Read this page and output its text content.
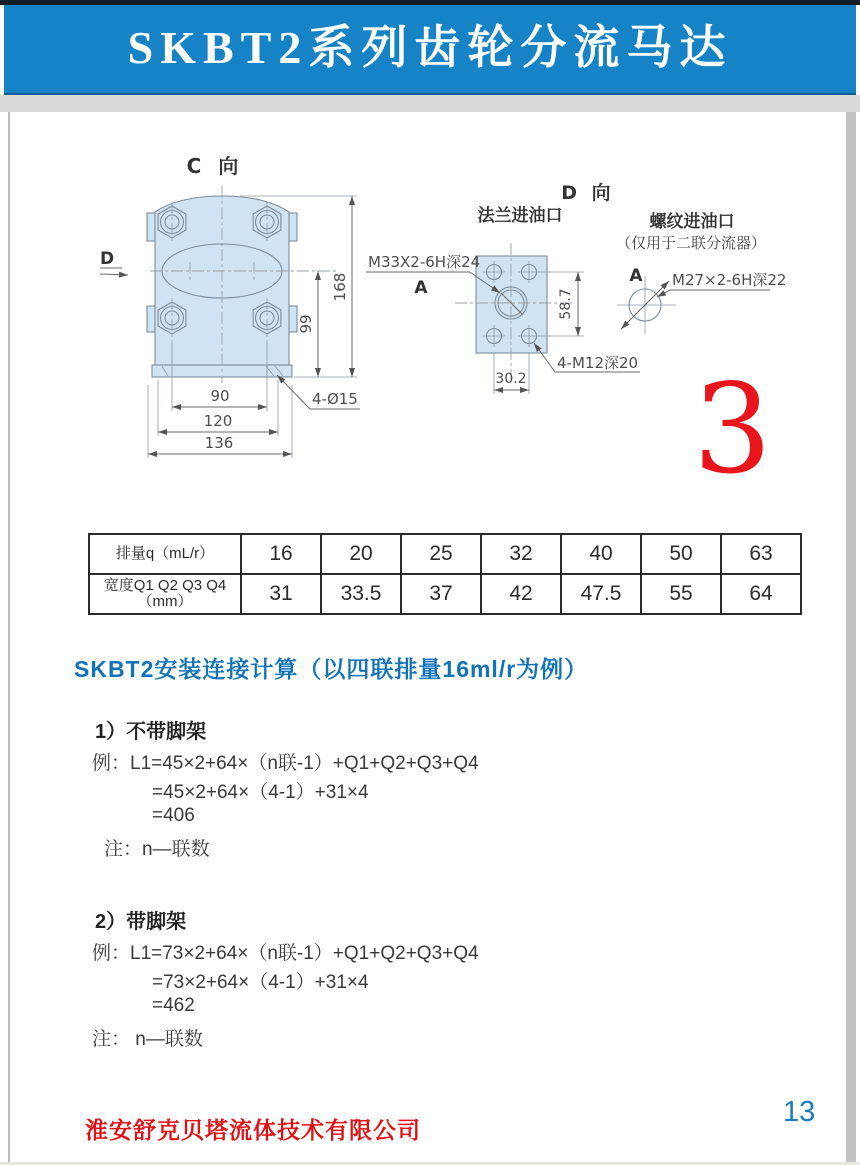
SKBT2系列齿轮分流马达
C 向
168
99
90
120
136
4-Ø15
D
D 向
法兰进油口
M33X2-6H深24
A
58.7
4-M12深20
30.2
螺纹进油口
（仅用于二联分流器）
A M27×2-6H深22
3
排量q（mL/r）	16	20	25	32	40	50	63

宽度Q1 Q2 Q3 Q4
（mm）	31	33.5	37	42	47.5	55	64
SKBT2安装连接计算（以四联排量16ml/r为例）
1）不带脚架
例：L1=45×2+64×（n联-1）+Q1+Q2+Q3+Q4
=45×2+64×（4-1）+31×4
=406
注：n—联数
2）带脚架
例：L1=73×2+64×（n联-1）+Q1+Q2+Q3+Q4
=73×2+64×（4-1）+31×4
=462
注： n—联数
淮安舒克贝塔流体技术有限公司
13
